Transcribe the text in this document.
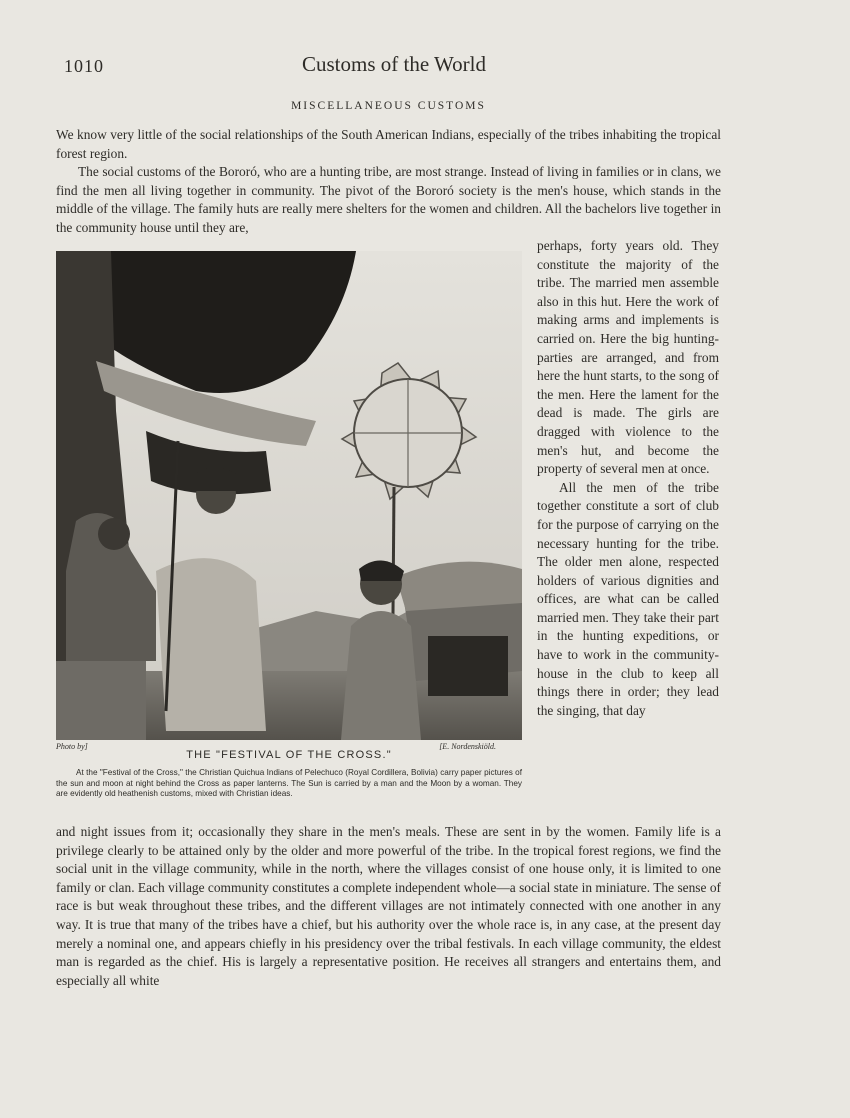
1010	Customs of the World
MISCELLANEOUS CUSTOMS

We know very little of the social relationships of the South American Indians, especially of the tribes inhabiting the tropical forest region.

The social customs of the Bororó, who are a hunting tribe, are most strange. Instead of living in families or in clans, we find the men all living together in community. The pivot of the Bororó society is the men's house, which stands in the middle of the village. The family huts are really mere shelters for the women and children. All the bachelors live together in the community house until they are,

Photo by]	[E. Nordenskiöld.
THE "FESTIVAL OF THE CROSS."
At the "Festival of the Cross," the Christian Quichua Indians of Pelechuco (Royal Cordillera, Bolivia) carry paper pictures of the sun and moon at night behind the Cross as paper lanterns. The Sun is carried by a man and the Moon by a woman. They are evidently old heathenish customs, mixed with Christian ideas.

perhaps, forty years old. They constitute the majority of the tribe. The married men assemble also in this hut. Here the work of making arms and implements is carried on. Here the big hunting-parties are arranged, and from here the hunt starts, to the song of the men. Here the lament for the dead is made. The girls are dragged with violence to the men's hut, and become the property of several men at once.

All the men of the tribe together constitute a sort of club for the purpose of carrying on the necessary hunting for the tribe. The older men alone, respected holders of various dignities and offices, are what can be called married men. They take their part in the hunting expeditions, or have to work in the community-house in the club to keep all things there in order; they lead the singing, that day

and night issues from it; occasionally they share in the men's meals. These are sent in by the women. Family life is a privilege clearly to be attained only by the older and more powerful of the tribe. In the tropical forest regions, we find the social unit in the village community, while in the north, where the villages consist of one house only, it is limited to one family or clan. Each village community constitutes a complete independent whole—a social state in miniature. The sense of race is but weak throughout these tribes, and the different villages are not intimately connected with one another in any way. It is true that many of the tribes have a chief, but his authority over the whole race is, in any case, at the present day merely a nominal one, and appears chiefly in his presidency over the tribal festivals. In each village community, the eldest man is regarded as the chief. His is largely a representative position. He receives all strangers and entertains them, and especially all white
